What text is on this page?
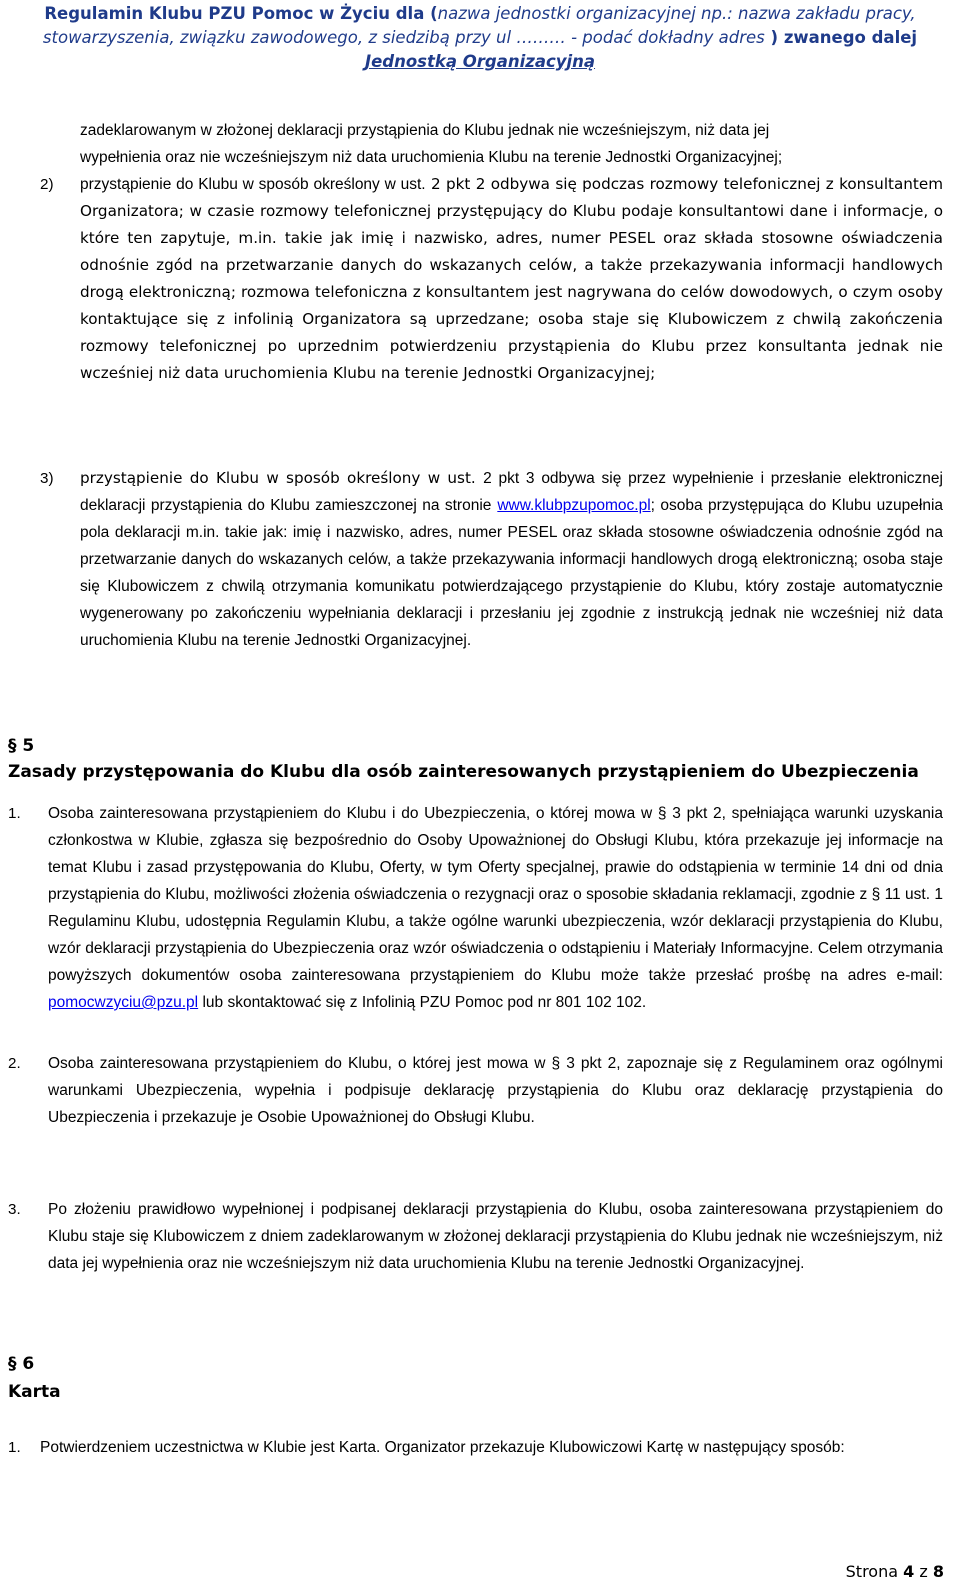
Regulamin Klubu PZU Pomoc w Życiu dla (nazwa jednostki organizacyjnej np.: nazwa zakładu pracy,
stowarzyszenia, związku zawodowego, z siedzibą przy ul ……… - podać dokładny adres ) zwanego dalej
Jednostką Organizacyjną

zadeklarowanym w złożonej deklaracji przystąpienia do Klubu jednak nie wcześniejszym, niż data jej

wypełnienia oraz nie wcześniejszym niż data uruchomienia Klubu na terenie Jednostki Organizacyjnej;

2) przystąpienie do Klubu w sposób określony w ust. 2 pkt 2 odbywa się podczas rozmowy telefonicznej z konsultantem Organizatora; w czasie rozmowy telefonicznej przystępujący do Klubu podaje konsultantowi dane i informacje, o które ten zapytuje, m.in. takie jak imię i nazwisko, adres, numer PESEL oraz składa stosowne oświadczenia odnośnie zgód na przetwarzanie danych do wskazanych celów, a także przekazywania informacji handlowych drogą elektroniczną; rozmowa telefoniczna z konsultantem jest nagrywana do celów dowodowych, o czym osoby kontaktujące się z infolinią Organizatora są uprzedzane; osoba staje się Klubowiczem z chwilą zakończenia rozmowy telefonicznej po uprzednim potwierdzeniu przystąpienia do Klubu przez konsultanta jednak nie wcześniej niż data uruchomienia Klubu na terenie Jednostki Organizacyjnej;

3) przystąpienie do Klubu w sposób określony w ust. 2 pkt 3 odbywa się przez wypełnienie i przesłanie elektronicznej deklaracji przystąpienia do Klubu zamieszczonej na stronie www.klubpzupomoc.pl; osoba przystępująca do Klubu uzupełnia pola deklaracji m.in. takie jak: imię i nazwisko, adres, numer PESEL oraz składa stosowne oświadczenia odnośnie zgód na przetwarzanie danych do wskazanych celów, a także przekazywania informacji handlowych drogą elektroniczną; osoba staje się Klubowiczem z chwilą otrzymania komunikatu potwierdzającego przystąpienie do Klubu, który zostaje automatycznie wygenerowany po zakończeniu wypełniania deklaracji i przesłaniu jej zgodnie z instrukcją jednak nie wcześniej niż data uruchomienia Klubu na terenie Jednostki Organizacyjnej.

§ 5
Zasady przystępowania do Klubu dla osób zainteresowanych przystąpieniem do Ubezpieczenia
1. Osoba zainteresowana przystąpieniem do Klubu i do Ubezpieczenia, o której mowa w § 3 pkt 2, spełniająca warunki uzyskania członkostwa w Klubie, zgłasza się bezpośrednio do Osoby Upoważnionej do Obsługi Klubu, która przekazuje jej informacje na temat Klubu i zasad przystępowania do Klubu, Oferty, w tym Oferty specjalnej, prawie do odstąpienia w terminie 14 dni od dnia przystąpienia do Klubu, możliwości złożenia oświadczenia o rezygnacji oraz o sposobie składania reklamacji, zgodnie z § 11 ust. 1 Regulaminu Klubu, udostępnia Regulamin Klubu, a także ogólne warunki ubezpieczenia, wzór deklaracji przystąpienia do Klubu, wzór deklaracji przystąpienia do Ubezpieczenia oraz wzór oświadczenia o odstąpieniu i Materiały Informacyjne. Celem otrzymania powyższych dokumentów osoba zainteresowana przystąpieniem do Klubu może także przesłać prośbę na adres e-mail: pomocwzyciu@pzu.pl lub skontaktować się z Infolinią PZU Pomoc pod nr 801 102 102.

2. Osoba zainteresowana przystąpieniem do Klubu, o której jest mowa w § 3 pkt 2, zapoznaje się z Regulaminem oraz ogólnymi warunkami Ubezpieczenia, wypełnia i podpisuje deklarację przystąpienia do Klubu oraz deklarację przystąpienia do Ubezpieczenia i przekazuje je Osobie Upoważnionej do Obsługi Klubu.

3. Po złożeniu prawidłowo wypełnionej i podpisanej deklaracji przystąpienia do Klubu, osoba zainteresowana przystąpieniem do Klubu staje się Klubowiczem z dniem zadeklarowanym w złożonej deklaracji przystąpienia do Klubu jednak nie wcześniejszym, niż data jej wypełnienia oraz nie wcześniejszym niż data uruchomienia Klubu na terenie Jednostki Organizacyjnej.

§ 6
Karta
1. Potwierdzeniem uczestnictwa w Klubie jest Karta. Organizator przekazuje Klubowiczowi Kartę w następujący sposób:

Strona 4 z 8
